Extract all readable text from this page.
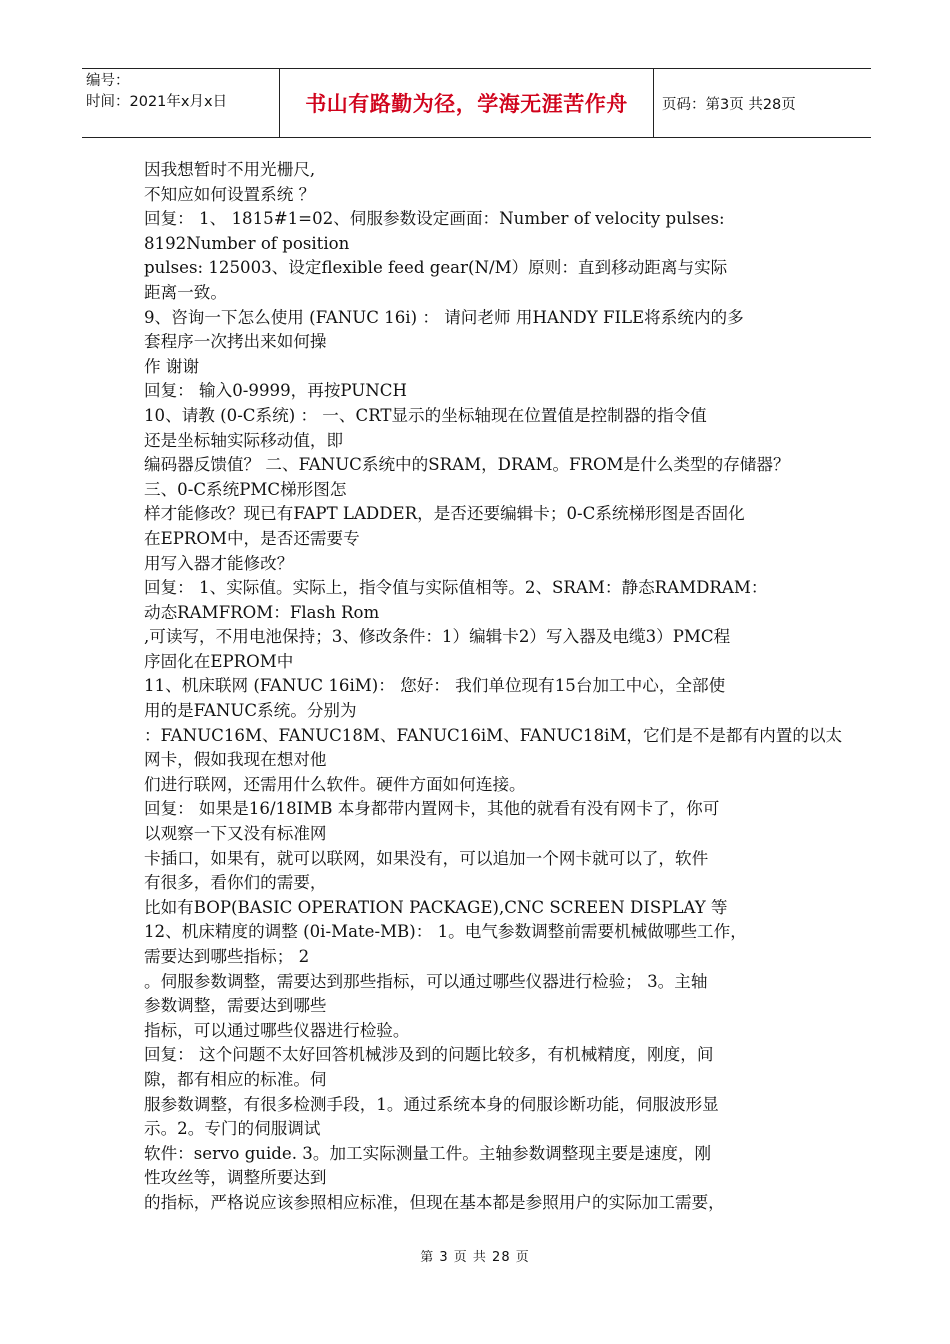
编号：
时间：2021年x月x日	书山有路勤为径，学海无涯苦作舟	页码：第3页 共28页
因我想暂时不用光栅尺,
不知应如何设置系统 ？
回复： 1、 1815#1=02、伺服参数设定画面：Number of velocity pulses:
8192Number of position
pulses: 125003、设定flexible feed gear(N/M）原则：直到移动距离与实际
距离一致。
9、咨询一下怎么使用 (FANUC 16i) ： 请问老师 用HANDY FILE将系统内的多
套程序一次拷出来如何操
作 谢谢
回复： 输入0-9999，再按PUNCH
10、请教 (0-C系统) ： 一、CRT显示的坐标轴现在位置值是控制器的指令值
还是坐标轴实际移动值，即
编码器反馈值？ 二、FANUC系统中的SRAM，DRAM。FROM是什么类型的存储器？
三、0-C系统PMC梯形图怎
样才能修改？现已有FAPT LADDER，是否还要编辑卡；0-C系统梯形图是否固化
在EPROM中，是否还需要专
用写入器才能修改？
回复： 1、实际值。实际上，指令值与实际值相等。2、SRAM：静态RAMDRAM：
动态RAMFROM：Flash Rom
,可读写，不用电池保持；3、修改条件：1）编辑卡2）写入器及电缆3）PMC程
序固化在EPROM中
11、机床联网 (FANUC 16iM)： 您好： 我们单位现有15台加工中心，全部使
用的是FANUC系统。分别为
：FANUC16M、FANUC18M、FANUC16iM、FANUC18iM，它们是不是都有内置的以太
网卡，假如我现在想对他
们进行联网，还需用什么软件。硬件方面如何连接。
回复： 如果是16/18IMB 本身都带内置网卡，其他的就看有没有网卡了，你可
以观察一下又没有标准网
卡插口，如果有，就可以联网，如果没有，可以追加一个网卡就可以了，软件
有很多，看你们的需要，
比如有BOP(BASIC OPERATION PACKAGE),CNC SCREEN DISPLAY 等
12、机床精度的调整 (0i-Mate-MB)： 1。电气参数调整前需要机械做哪些工作，
需要达到哪些指标； 2
。伺服参数调整，需要达到那些指标，可以通过哪些仪器进行检验； 3。主轴
参数调整，需要达到哪些
指标，可以通过哪些仪器进行检验。
回复： 这个问题不太好回答机械涉及到的问题比较多，有机械精度，刚度，间
隙，都有相应的标准。伺
服参数调整，有很多检测手段，1。通过系统本身的伺服诊断功能，伺服波形显
示。2。专门的伺服调试
软件：servo guide. 3。加工实际测量工件。主轴参数调整现主要是速度，刚
性攻丝等，调整所要达到
的指标，严格说应该参照相应标准，但现在基本都是参照用户的实际加工需要，
第 3 页 共 28 页
